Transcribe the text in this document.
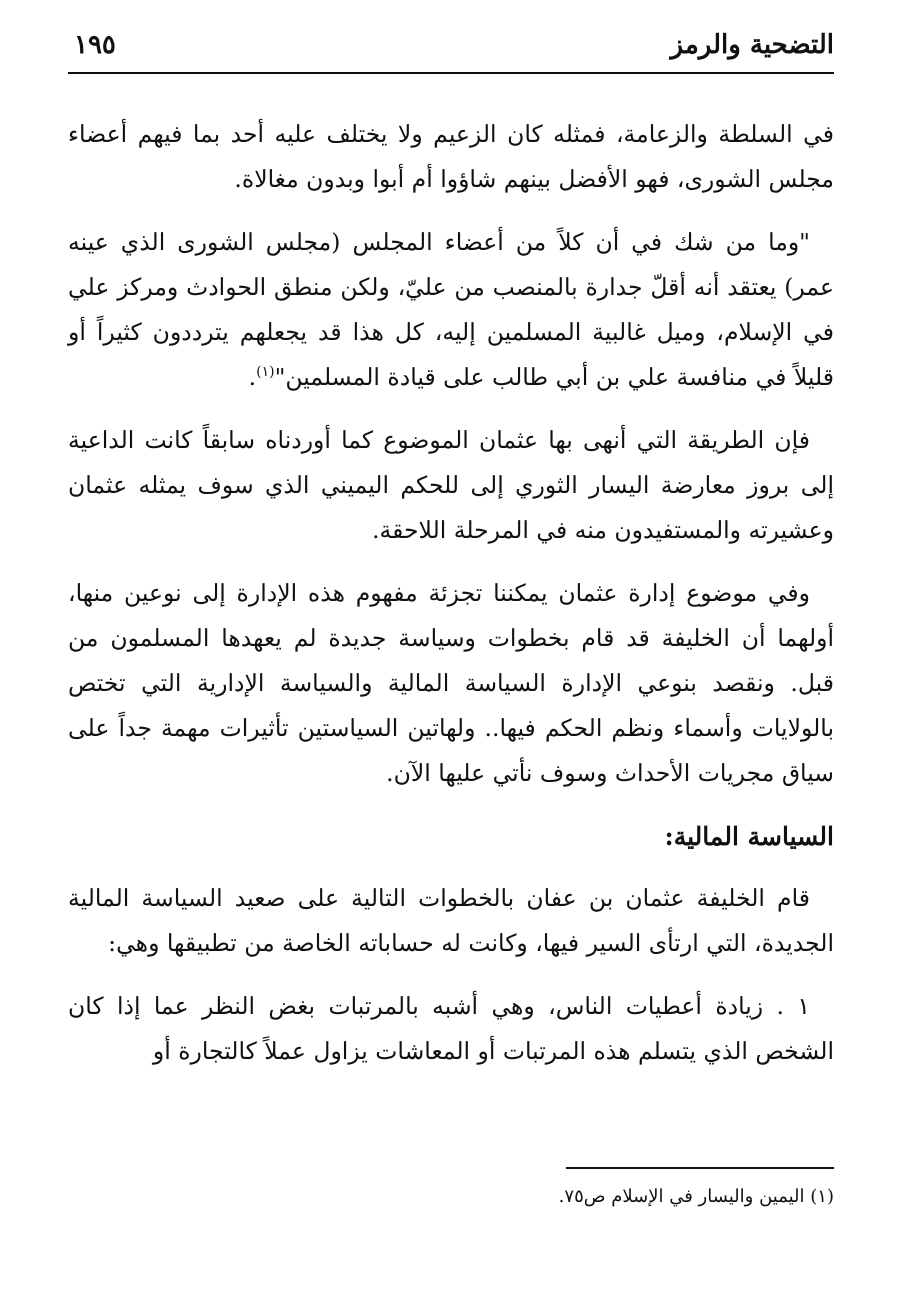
التضحية والرمز
١٩٥

في السلطة والزعامة، فمثله كان الزعيم ولا يختلف عليه أحد بما فيهم أعضاء مجلس الشورى، فهو الأفضل بينهم شاؤوا أم أبوا وبدون مغالاة.

"وما من شك في أن كلاً من أعضاء المجلس (مجلس الشورى الذي عينه عمر) يعتقد أنه أقلّ جدارة بالمنصب من عليّ، ولكن منطق الحوادث ومركز علي في الإسلام، وميل غالبية المسلمين إليه، كل هذا قد يجعلهم يترددون كثيراً أو قليلاً في منافسة علي بن أبي طالب على قيادة المسلمين"$^{(١)}$.

فإن الطريقة التي أنهى بها عثمان الموضوع كما أوردناه سابقاً كانت الداعية إلى بروز معارضة اليسار الثوري إلى للحكم اليميني الذي سوف يمثله عثمان وعشيرته والمستفيدون منه في المرحلة اللاحقة.

وفي موضوع إدارة عثمان يمكننا تجزئة مفهوم هذه الإدارة إلى نوعين منها، أولهما أن الخليفة قد قام بخطوات وسياسة جديدة لم يعهدها المسلمون من قبل. ونقصد بنوعي الإدارة السياسة المالية والسياسة الإدارية التي تختص بالولايات وأسماء ونظم الحكم فيها.. ولهاتين السياستين تأثيرات مهمة جداً على سياق مجريات الأحداث وسوف نأتي عليها الآن.

السياسة المالية:

قام الخليفة عثمان بن عفان بالخطوات التالية على صعيد السياسة المالية الجديدة، التي ارتأى السير فيها، وكانت له حساباته الخاصة من تطبيقها وهي:

١ . زيادة أعطيات الناس، وهي أشبه بالمرتبات بغض النظر عما إذا كان الشخص الذي يتسلم هذه المرتبات أو المعاشات يزاول عملاً كالتجارة أو

(١) اليمين واليسار في الإسلام ص٧٥.
